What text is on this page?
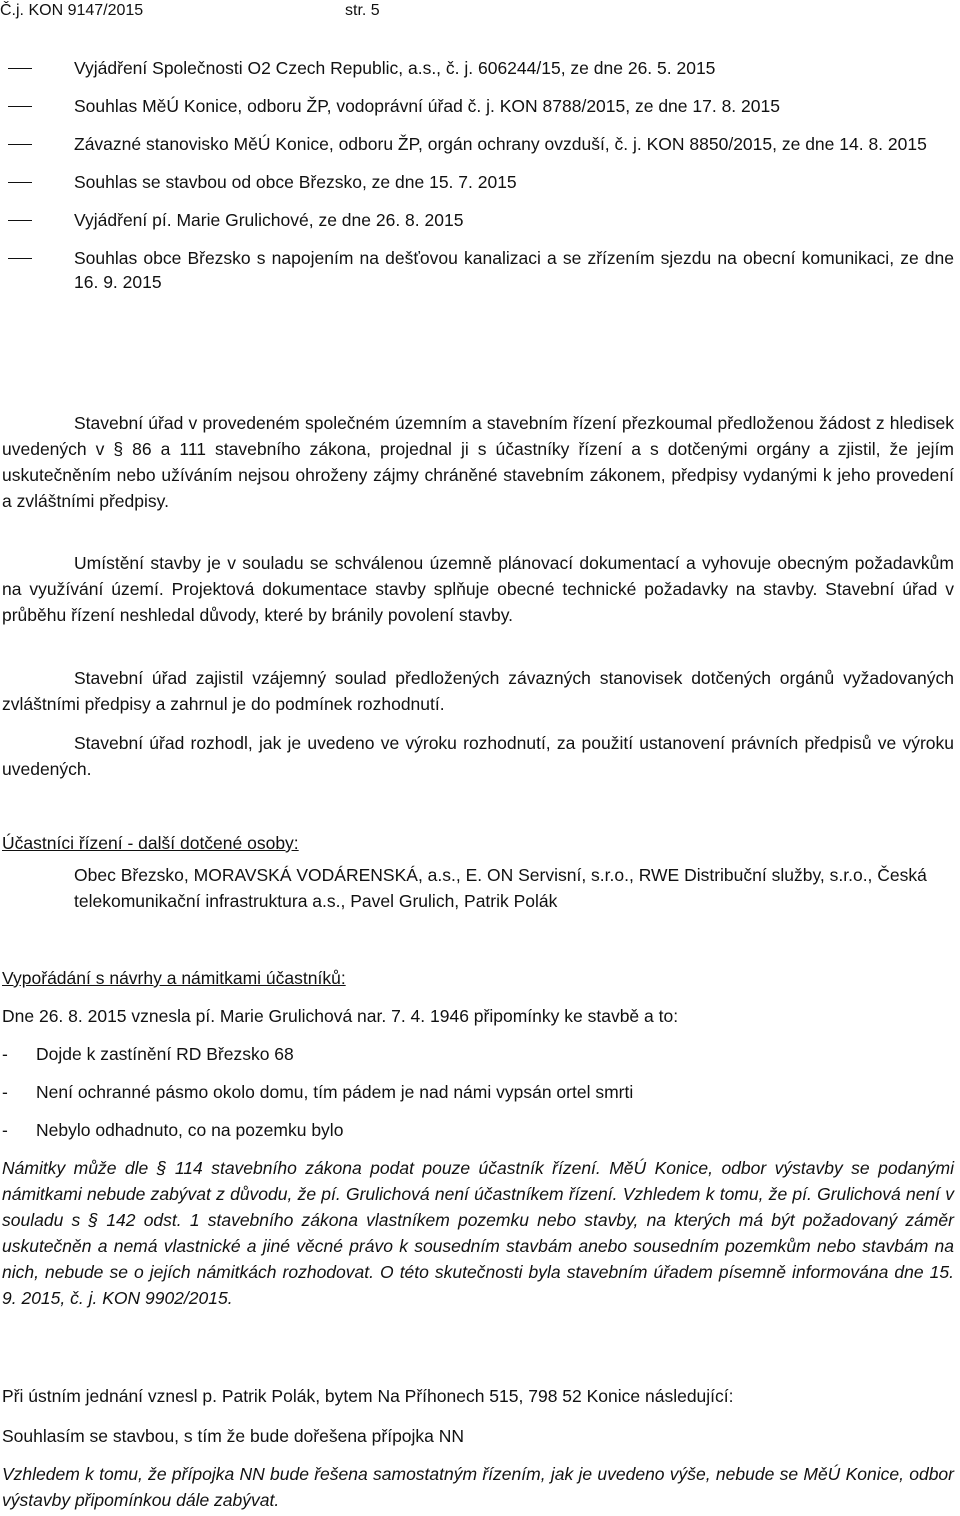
Č.j. KON 9147/2015	str. 5
Vyjádření Společnosti O2 Czech Republic, a.s., č. j. 606244/15, ze dne 26. 5. 2015
Souhlas MěÚ Konice, odboru ŽP, vodoprávní úřad č. j. KON 8788/2015, ze dne 17. 8. 2015
Závazné stanovisko MěÚ Konice, odboru ŽP, orgán ochrany ovzduší, č. j. KON 8850/2015, ze dne 14. 8. 2015
Souhlas se stavbou od obce Březsko, ze dne 15. 7. 2015
Vyjádření pí. Marie Grulichové, ze dne 26. 8. 2015
Souhlas obce Březsko s napojením na dešťovou kanalizaci a se zřízením sjezdu na obecní komunikaci, ze dne 16. 9. 2015

Stavební úřad v provedeném společném územním a stavebním řízení přezkoumal předloženou žádost z hledisek uvedených v § 86 a 111 stavebního zákona, projednal ji s účastníky řízení a s dotčenými orgány a zjistil, že jejím uskutečněním nebo užíváním nejsou ohroženy zájmy chráněné stavebním zákonem, předpisy vydanými k jeho provedení a zvláštními předpisy.

Umístění stavby je v souladu se schválenou územně plánovací dokumentací a vyhovuje obecným požadavkům na využívání území. Projektová dokumentace stavby splňuje obecné technické požadavky na stavby. Stavební úřad v průběhu řízení neshledal důvody, které by bránily povolení stavby.

Stavební úřad zajistil vzájemný soulad předložených závazných stanovisek dotčených orgánů vyžadovaných zvláštními předpisy a zahrnul je do podmínek rozhodnutí.

Stavební úřad rozhodl, jak je uvedeno ve výroku rozhodnutí, za použití ustanovení právních předpisů ve výroku uvedených.

Účastníci řízení - další dotčené osoby:

Obec Březsko, MORAVSKÁ VODÁRENSKÁ, a.s., E. ON Servisní, s.r.o., RWE Distribuční služby, s.r.o., Česká telekomunikační infrastruktura a.s., Pavel Grulich, Patrik Polák

Vypořádání s návrhy a námitkami účastníků:

Dne 26. 8. 2015 vznesla pí. Marie Grulichová nar. 7. 4. 1946 připomínky ke stavbě a to:

- Dojde k zastínění RD Březsko 68

- Není ochranné pásmo okolo domu, tím pádem je nad námi vypsán ortel smrti

- Nebylo odhadnuto, co na pozemku bylo

Námitky může dle § 114 stavebního zákona podat pouze účastník řízení. MěÚ Konice, odbor výstavby se podanými námitkami nebude zabývat z důvodu, že pí. Grulichová není účastníkem řízení. Vzhledem k tomu, že pí. Grulichová není v souladu s § 142 odst. 1 stavebního zákona vlastníkem pozemku nebo stavby, na kterých má být požadovaný záměr uskutečněn a nemá vlastnické a jiné věcné právo k sousedním stavbám anebo sousedním pozemkům nebo stavbám na nich, nebude se o jejích námitkách rozhodovat. O této skutečnosti byla stavebním úřadem písemně informována dne 15. 9. 2015, č. j. KON 9902/2015.

Při ústním jednání vznesl p. Patrik Polák, bytem Na Příhonech 515, 798 52 Konice následující:

Souhlasím se stavbou, s tím že bude dořešena přípojka NN

Vzhledem k tomu, že přípojka NN bude řešena samostatným řízením, jak je uvedeno výše, nebude se MěÚ Konice, odbor výstavby připomínkou dále zabývat.
